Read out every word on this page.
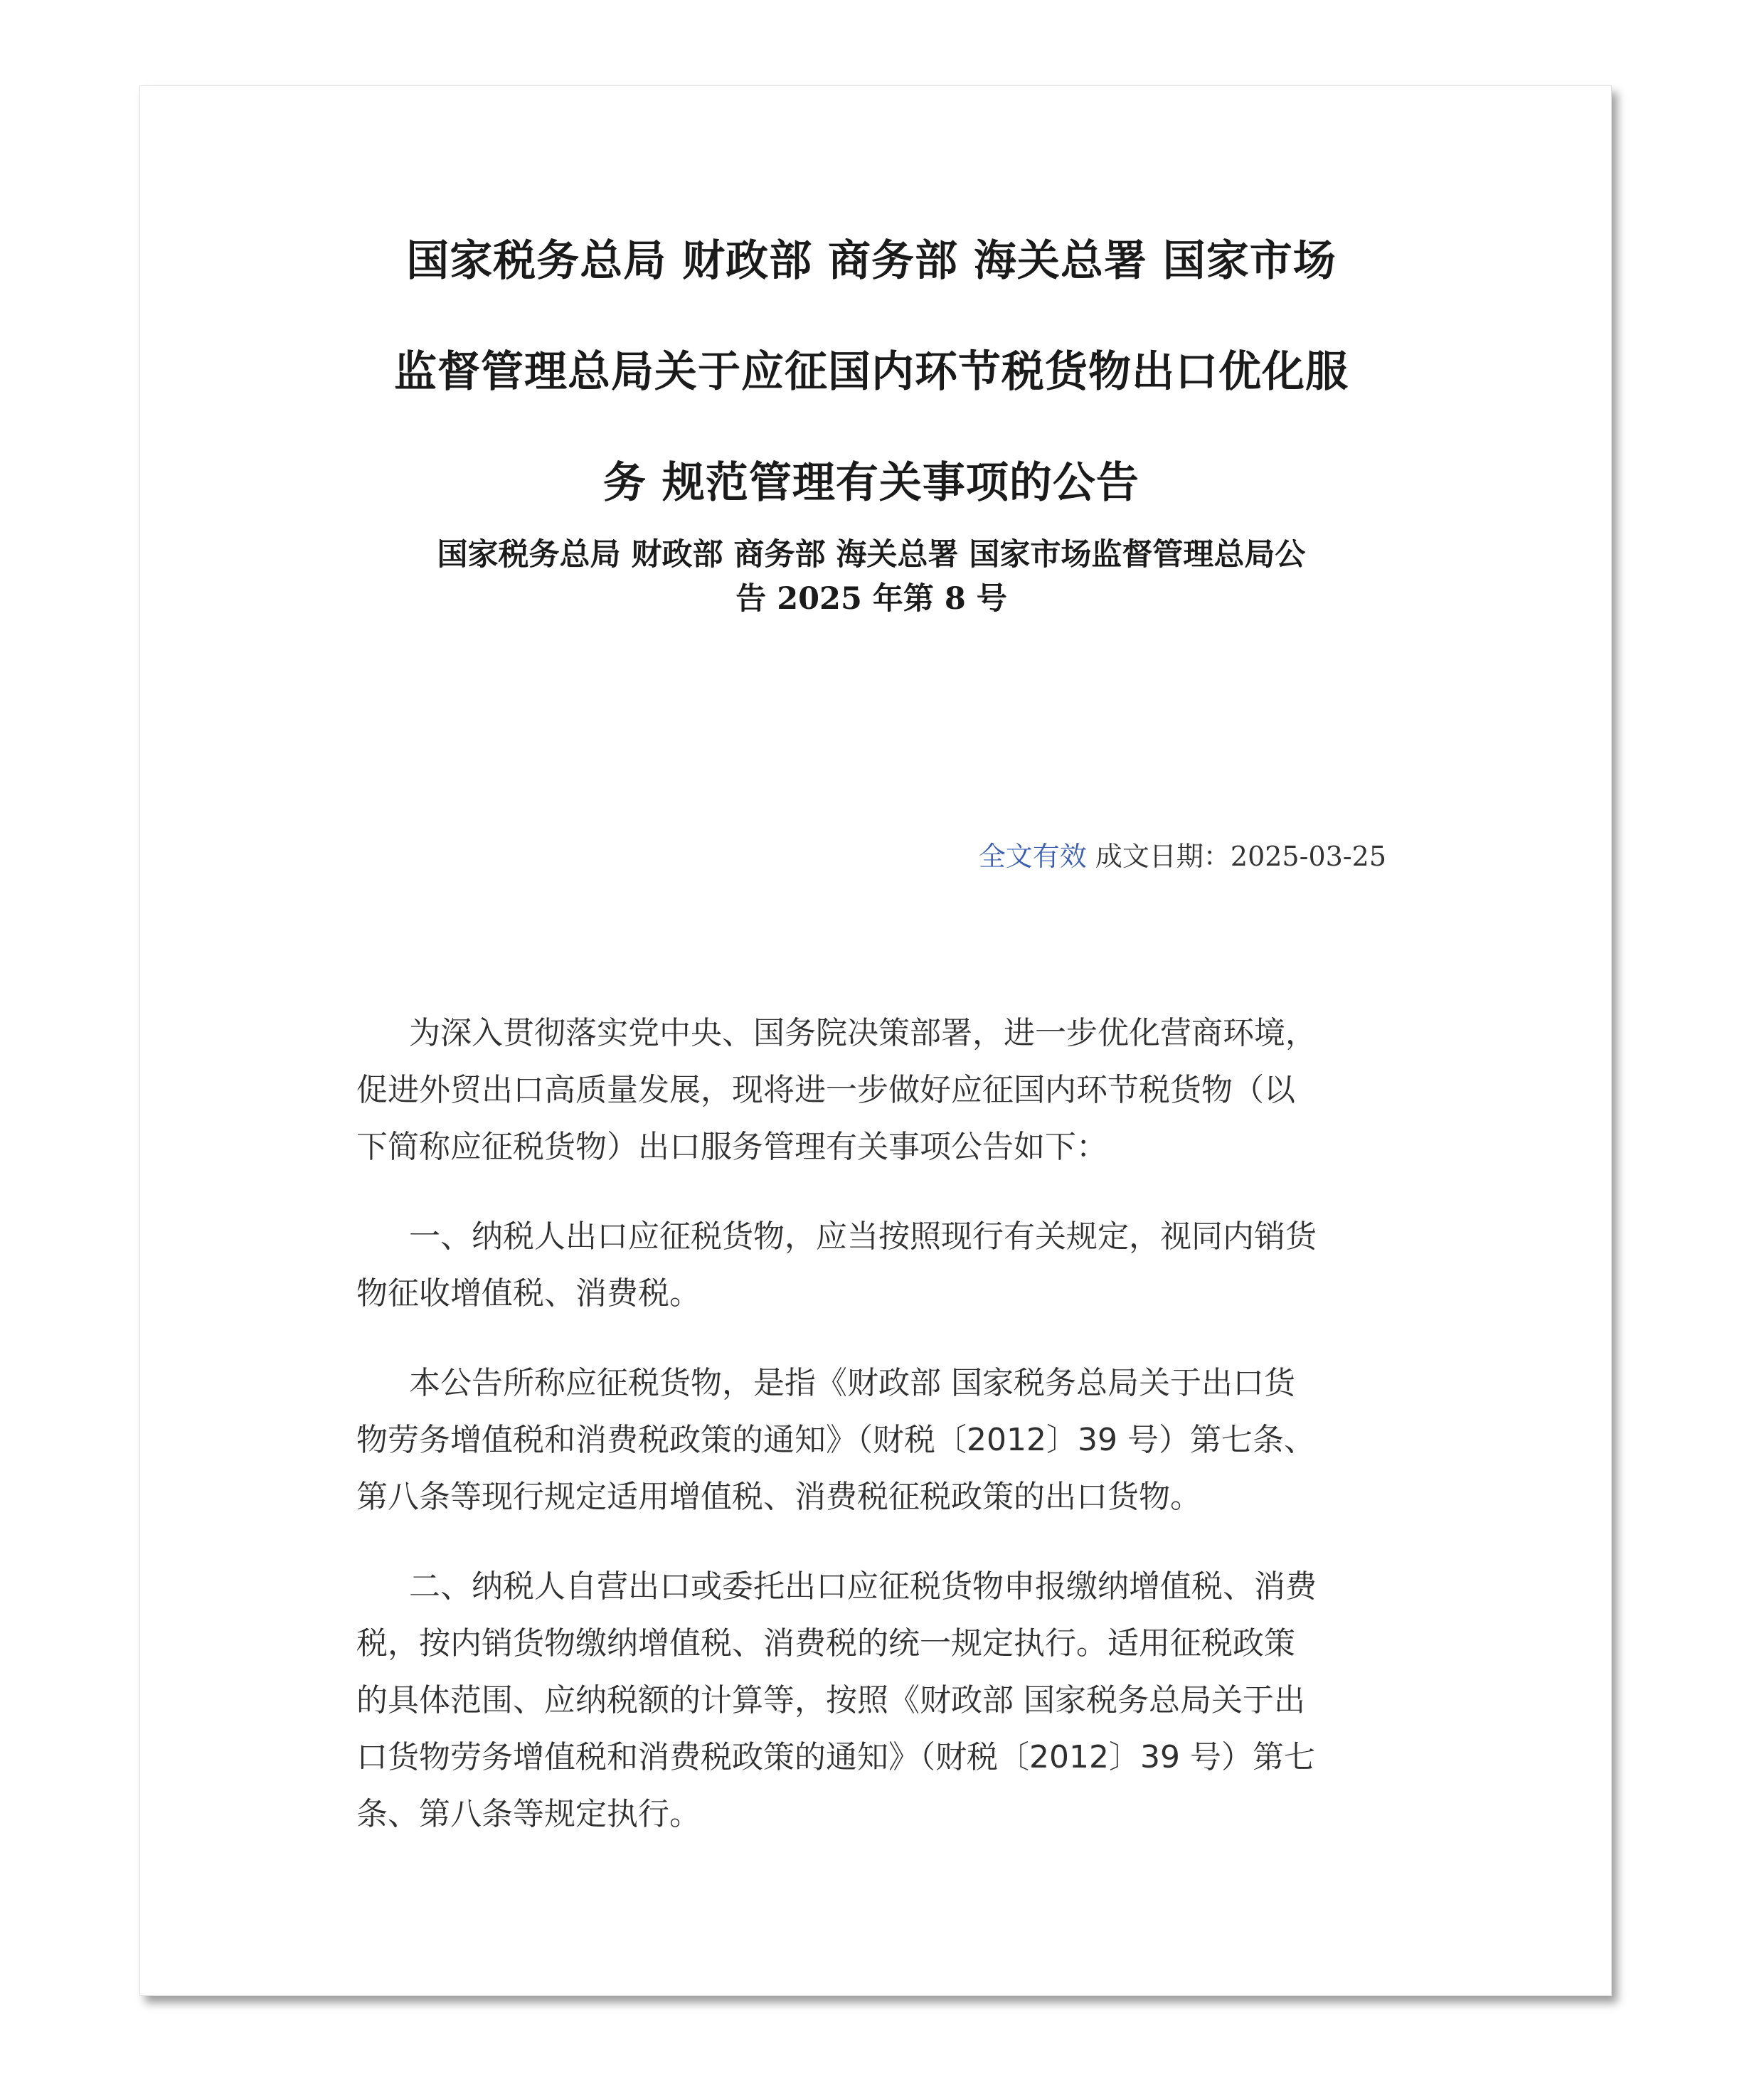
国家税务总局 财政部 商务部 海关总署 国家市场
监督管理总局关于应征国内环节税货物出口优化服
务 规范管理有关事项的公告
国家税务总局 财政部 商务部 海关总署 国家市场监督管理总局公
告 2025 年第 8 号
全文有效 成文日期：2025-03-25

为深入贯彻落实党中央、国务院决策部署，进一步优化营商环境，
促进外贸出口高质量发展，现将进一步做好应征国内环节税货物（以
下简称应征税货物）出口服务管理有关事项公告如下：

一、纳税人出口应征税货物，应当按照现行有关规定，视同内销货
物征收增值税、消费税。

本公告所称应征税货物，是指《财政部 国家税务总局关于出口货
物劳务增值税和消费税政策的通知》（财税〔2012〕39 号）第七条、
第八条等现行规定适用增值税、消费税征税政策的出口货物。

二、纳税人自营出口或委托出口应征税货物申报缴纳增值税、消费
税，按内销货物缴纳增值税、消费税的统一规定执行。适用征税政策
的具体范围、应纳税额的计算等，按照《财政部 国家税务总局关于出
口货物劳务增值税和消费税政策的通知》（财税〔2012〕39 号）第七
条、第八条等规定执行。
